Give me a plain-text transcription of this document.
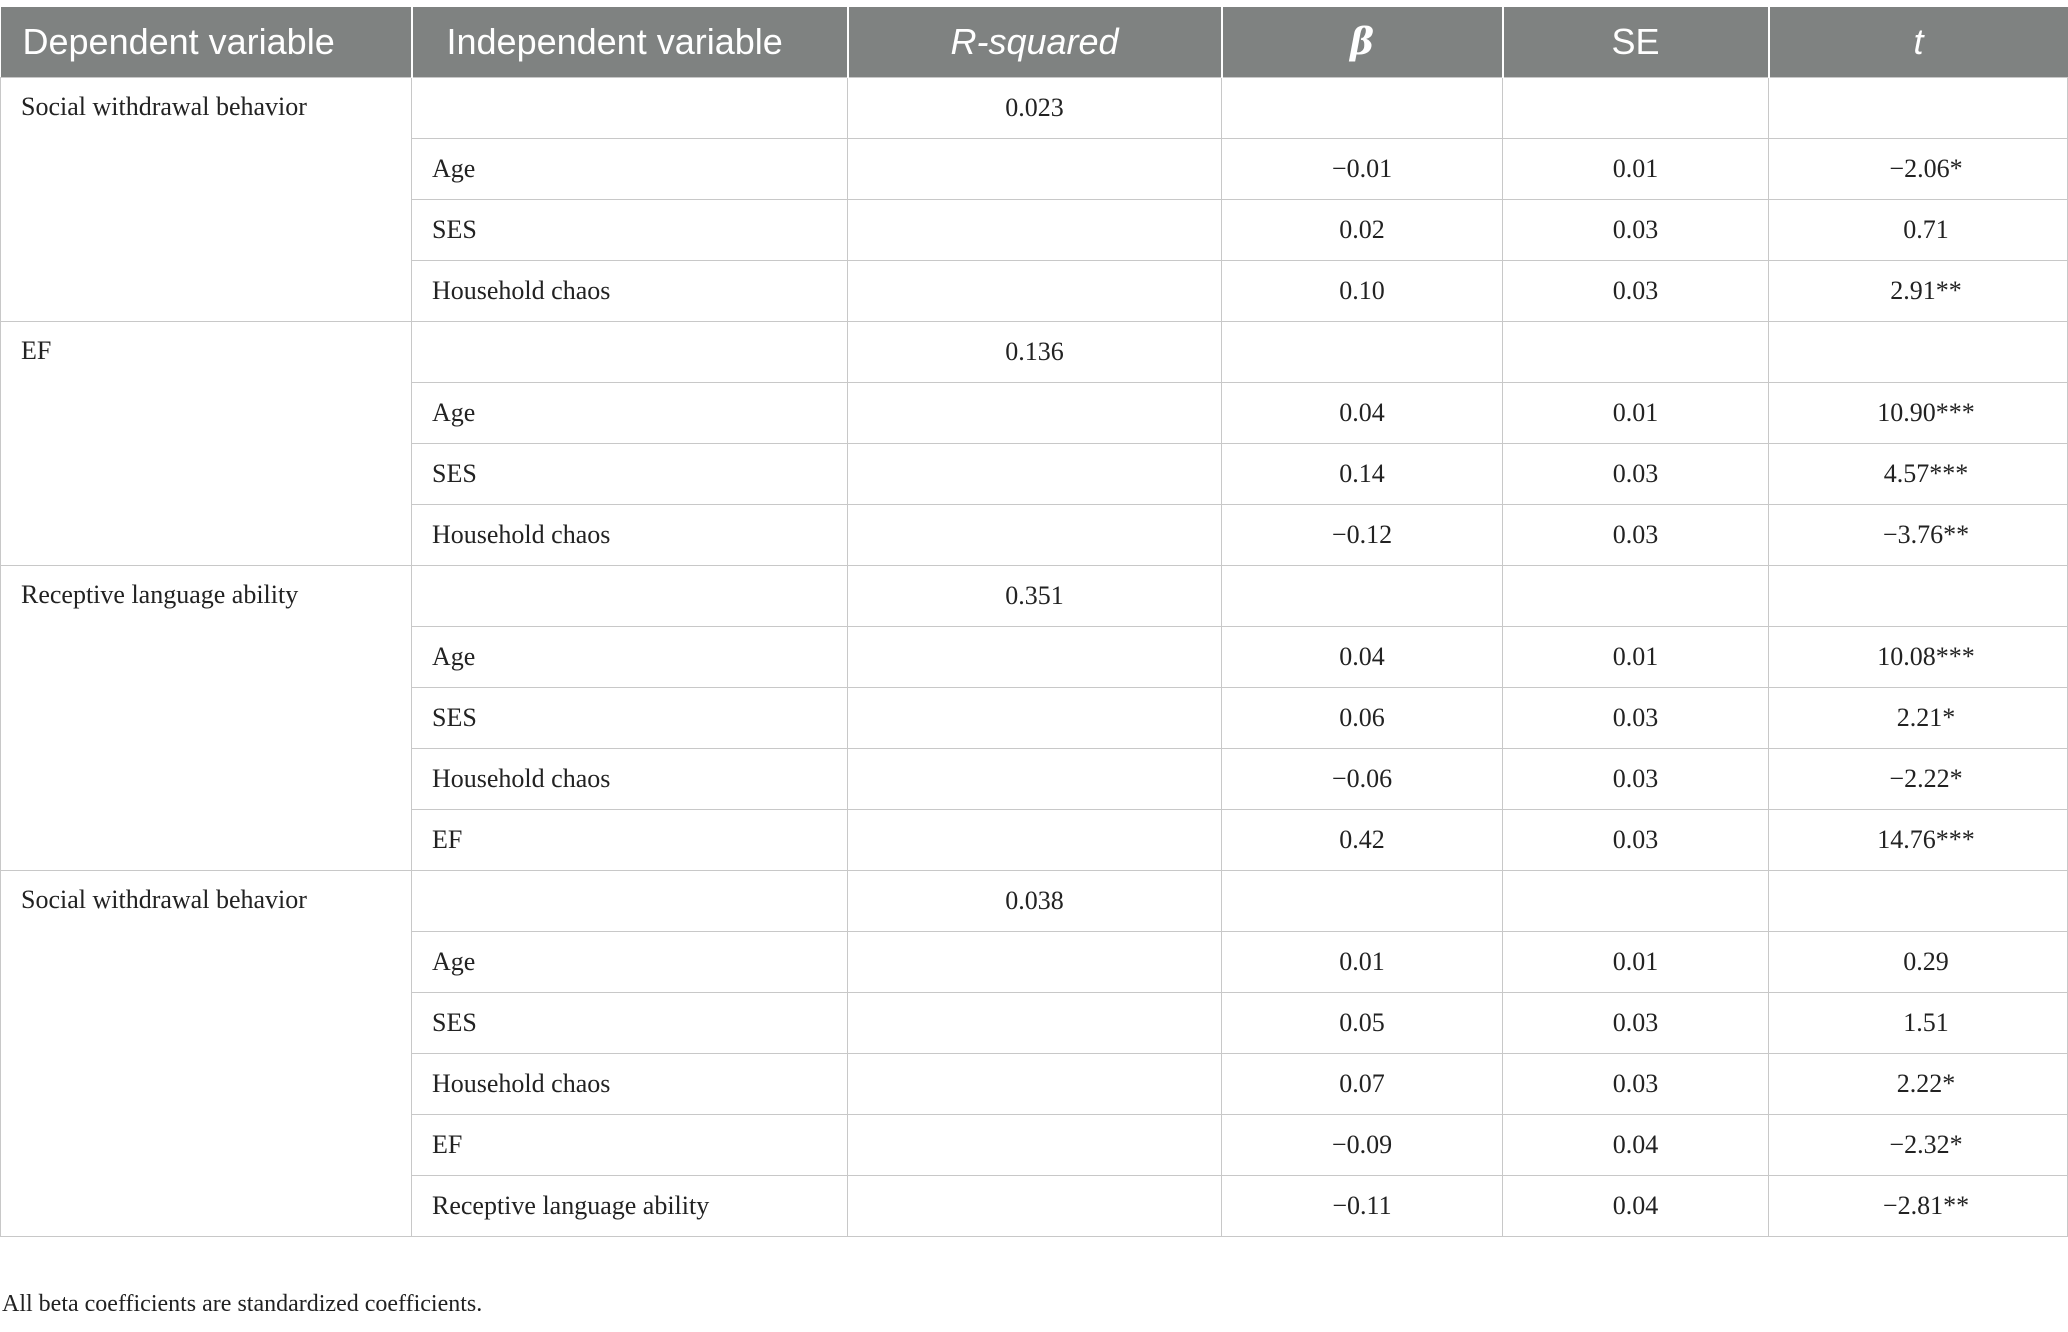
Dependent variable	Independent variable	R-squared	β	SE	t
Social withdrawal behavior		0.023			
	Age		−0.01	0.01	−2.06*
	SES		0.02	0.03	0.71
	Household chaos		0.10	0.03	2.91**
EF		0.136			
	Age		0.04	0.01	10.90***
	SES		0.14	0.03	4.57***
	Household chaos		−0.12	0.03	−3.76**
Receptive language ability		0.351			
	Age		0.04	0.01	10.08***
	SES		0.06	0.03	2.21*
	Household chaos		−0.06	0.03	−2.22*
	EF		0.42	0.03	14.76***
Social withdrawal behavior		0.038			
	Age		0.01	0.01	0.29
	SES		0.05	0.03	1.51
	Household chaos		0.07	0.03	2.22*
	EF		−0.09	0.04	−2.32*
	Receptive language ability		−0.11	0.04	−2.81**

All beta coefficients are standardized coefficients.
